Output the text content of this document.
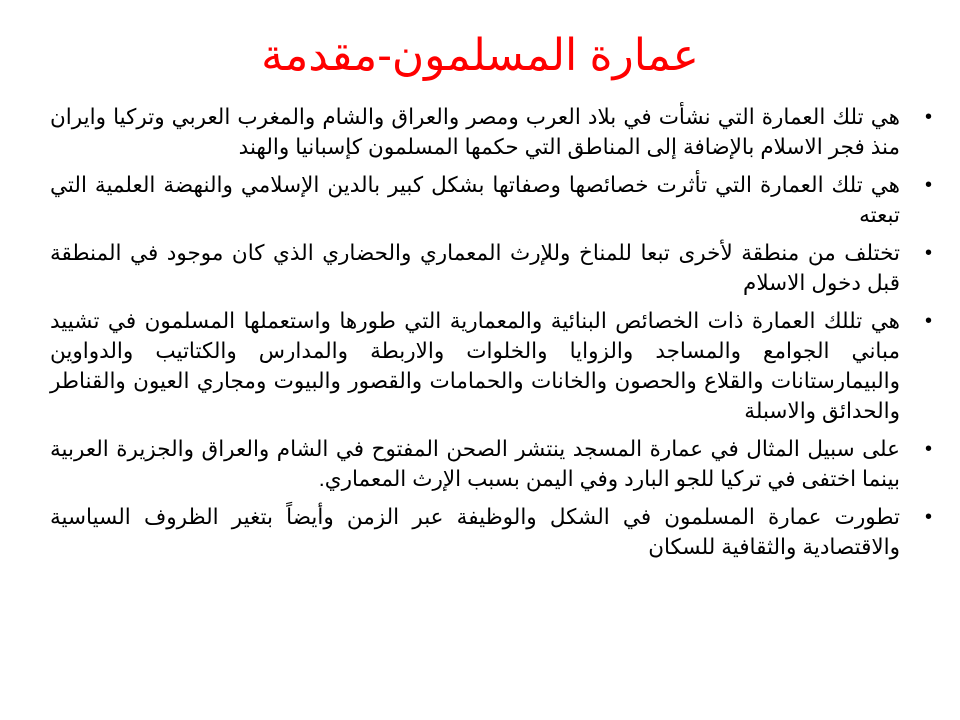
عمارة المسلمون-مقدمة
•
هي تلك العمارة التي نشأت في بلاد العرب ومصر والعراق والشام والمغرب العربي وتركيا وايران منذ فجر الاسلام بالإضافة إلى المناطق التي حكمها المسلمون كإسبانيا والهند
•
هي تلك العمارة التي تأثرت خصائصها وصفاتها بشكل كبير بالدين الإسلامي والنهضة العلمية التي تبعته
•
تختلف من منطقة لأخرى تبعا للمناخ وللإرث المعماري والحضاري الذي كان موجود في المنطقة قبل دخول الاسلام
•
هي تللك العمارة ذات الخصائص البنائية والمعمارية التي طورها واستعملها المسلمون في تشييد مباني الجوامع والمساجد والزوايا والخلوات والاربطة والمدارس والكتاتيب والدواوين والبيمارستانات والقلاع والحصون والخانات والحمامات والقصور والبيوت ومجاري العيون والقناطر والحدائق والاسبلة
•
على سبيل المثال في عمارة المسجد ينتشر الصحن المفتوح في الشام والعراق والجزيرة العربية بينما اختفى في تركيا للجو البارد وفي اليمن بسبب الإرث المعماري.
•
تطورت عمارة المسلمون في الشكل والوظيفة عبر الزمن وأيضاً بتغير الظروف السياسية والاقتصادية والثقافية للسكان
